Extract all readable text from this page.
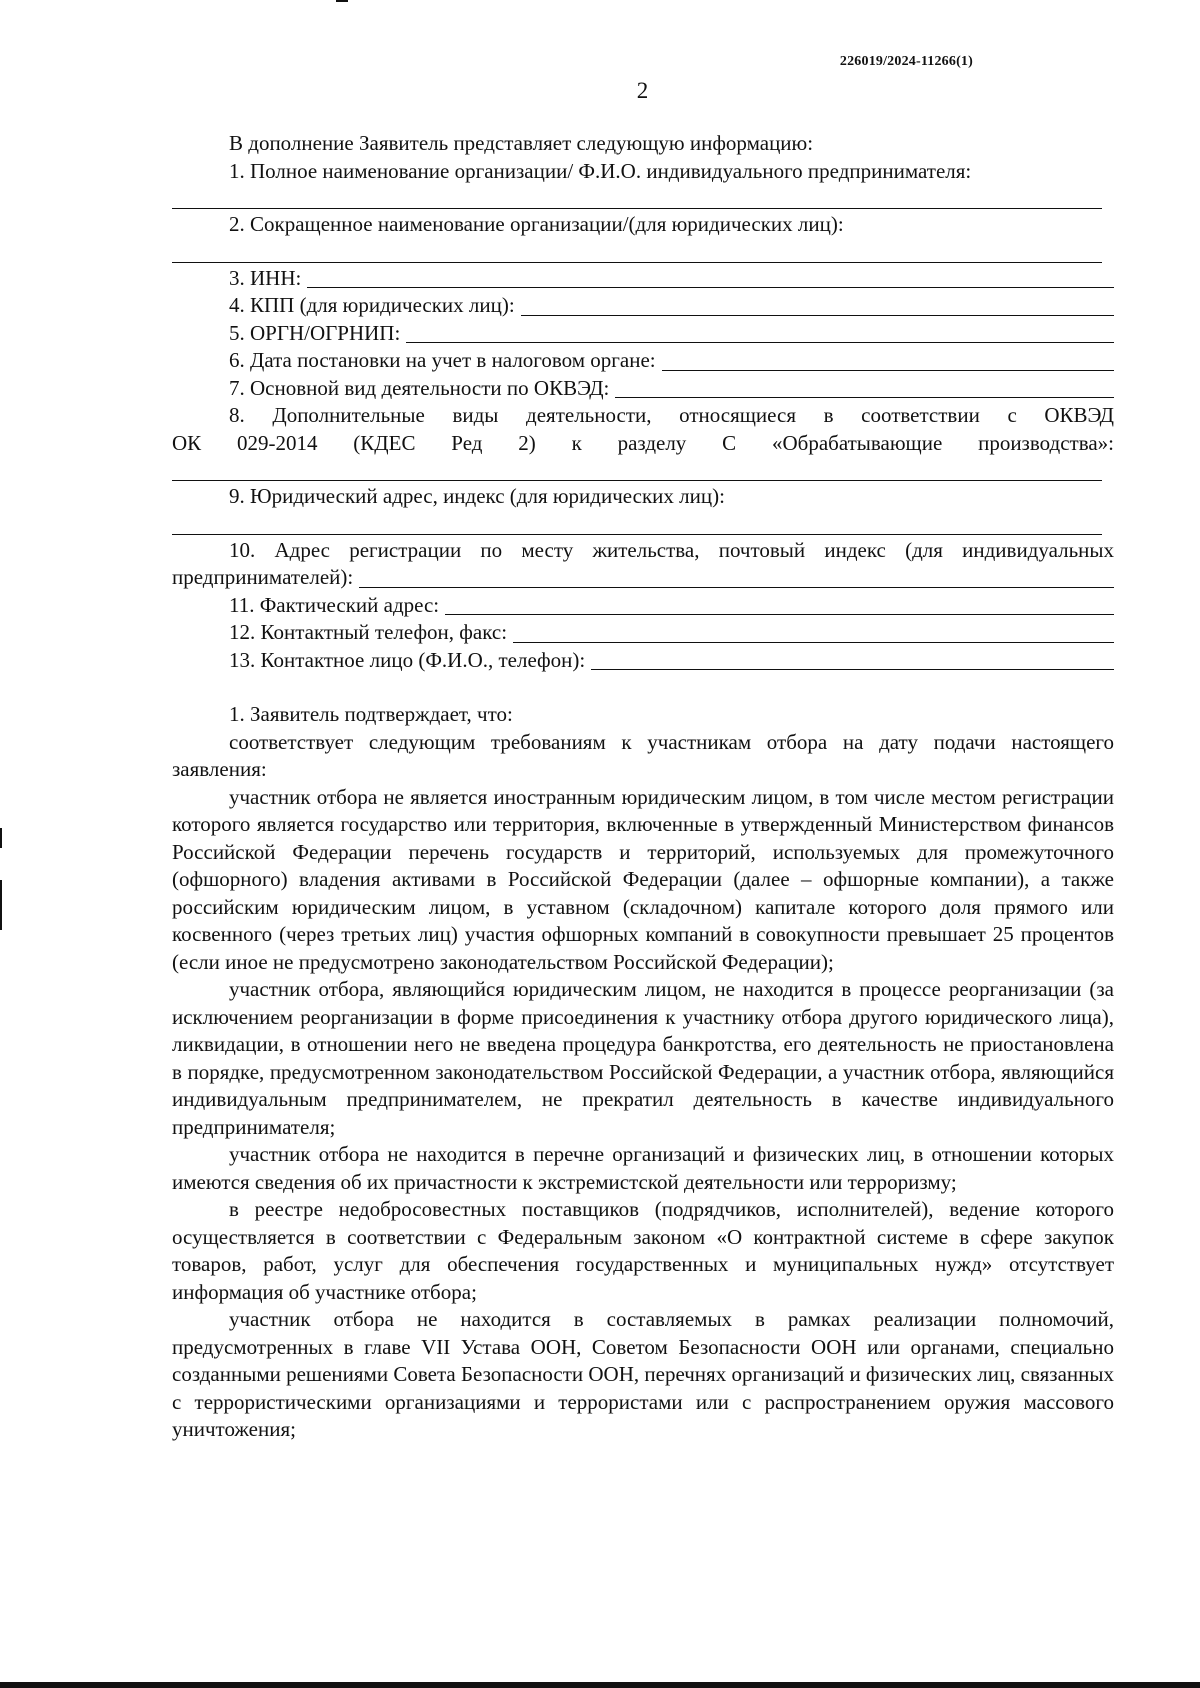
226019/2024-11266(1)
2
В дополнение Заявитель представляет следующую информацию:
1. Полное наименование организации/ Ф.И.О. индивидуального предпринимателя:
2. Сокращенное наименование организации/(для юридических лиц):
3. ИНН:
4. КПП (для юридических лиц):
5. ОРГН/ОГРНИП:
6. Дата постановки на учет в налоговом органе:
7. Основной вид деятельности по ОКВЭД:
8. Дополнительные виды деятельности, относящиеся в соответствии с ОКВЭД
ОК 029-2014 (КДЕС Ред 2) к разделу С «Обрабатывающие производства»:
9. Юридический адрес, индекс (для юридических лиц):
10. Адрес регистрации по месту жительства, почтовый индекс (для индивидуальных
предпринимателей):
11. Фактический адрес:
12. Контактный телефон, факс:
13. Контактное лицо (Ф.И.О., телефон):
1. Заявитель подтверждает, что:

соответствует следующим требованиям к участникам отбора на дату подачи настоящего заявления:

участник отбора не является иностранным юридическим лицом, в том числе местом регистрации которого является государство или территория, включенные в утвержденный Министерством финансов Российской Федерации перечень государств и территорий, используемых для промежуточного (офшорного) владения активами в Российской Федерации (далее – офшорные компании), а также российским юридическим лицом, в уставном (складочном) капитале которого доля прямого или косвенного (через третьих лиц) участия офшорных компаний в совокупности превышает 25 процентов (если иное не предусмотрено законодательством Российской Федерации);

участник отбора, являющийся юридическим лицом, не находится в процессе реорганизации (за исключением реорганизации в форме присоединения к участнику отбора другого юридического лица), ликвидации, в отношении него не введена процедура банкротства, его деятельность не приостановлена в порядке, предусмотренном законодательством Российской Федерации, а участник отбора, являющийся индивидуальным предпринимателем, не прекратил деятельность в качестве индивидуального предпринимателя;

участник отбора не находится в перечне организаций и физических лиц, в отношении которых имеются сведения об их причастности к экстремистской деятельности или терроризму;

в реестре недобросовестных поставщиков (подрядчиков, исполнителей), ведение которого осуществляется в соответствии с Федеральным законом «О контрактной системе в сфере закупок товаров, работ, услуг для обеспечения государственных и муниципальных нужд» отсутствует информация об участнике отбора;

участник отбора не находится в составляемых в рамках реализации полномочий, предусмотренных в главе VII Устава ООН, Советом Безопасности ООН или органами, специально созданными решениями Совета Безопасности ООН, перечнях организаций и физических лиц, связанных с террористическими организациями и террористами или с распространением оружия массового уничтожения;
